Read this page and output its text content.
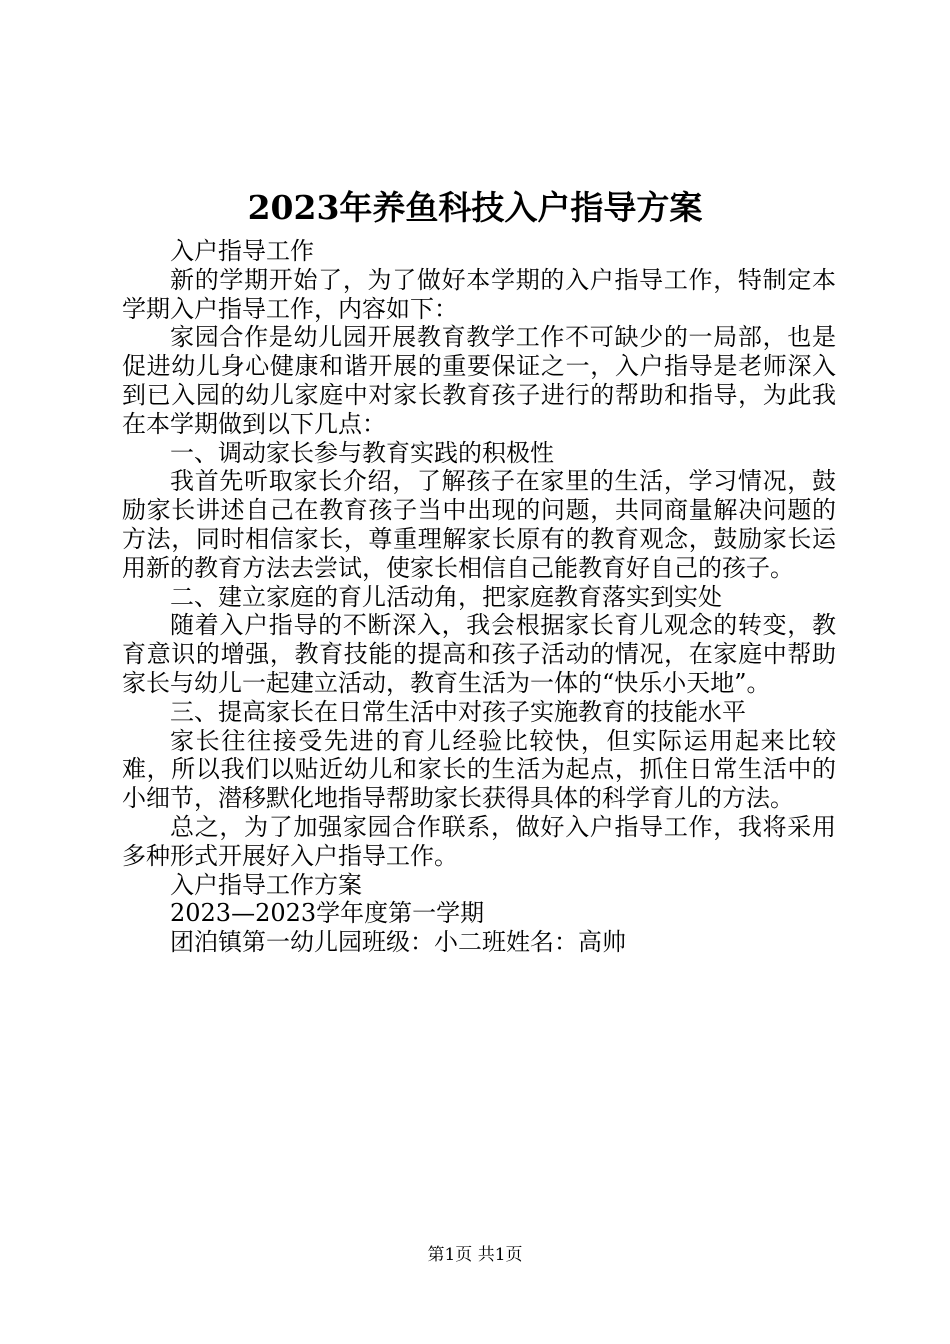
2023年养鱼科技入户指导方案

入户指导工作

新的学期开始了，为了做好本学期的入户指导工作，特制定本学期入户指导工作，内容如下：

家园合作是幼儿园开展教育教学工作不可缺少的一局部，也是促进幼儿身心健康和谐开展的重要保证之一，入户指导是老师深入到已入园的幼儿家庭中对家长教育孩子进行的帮助和指导，为此我在本学期做到以下几点：

一、调动家长参与教育实践的积极性

我首先听取家长介绍，了解孩子在家里的生活，学习情况，鼓励家长讲述自己在教育孩子当中出现的问题，共同商量解决问题的方法，同时相信家长，尊重理解家长原有的教育观念，鼓励家长运用新的教育方法去尝试，使家长相信自己能教育好自己的孩子。

二、建立家庭的育儿活动角，把家庭教育落实到实处

随着入户指导的不断深入，我会根据家长育儿观念的转变，教育意识的增强，教育技能的提高和孩子活动的情况，在家庭中帮助家长与幼儿一起建立活动，教育生活为一体的“快乐小天地”。

三、提高家长在日常生活中对孩子实施教育的技能水平

家长往往接受先进的育儿经验比较快，但实际运用起来比较难，所以我们以贴近幼儿和家长的生活为起点，抓住日常生活中的小细节，潜移默化地指导帮助家长获得具体的科学育儿的方法。

总之，为了加强家园合作联系，做好入户指导工作，我将采用多种形式开展好入户指导工作。

入户指导工作方案

2023—2023学年度第一学期

团泊镇第一幼儿园班级：小二班姓名：高帅

第1页 共1页
